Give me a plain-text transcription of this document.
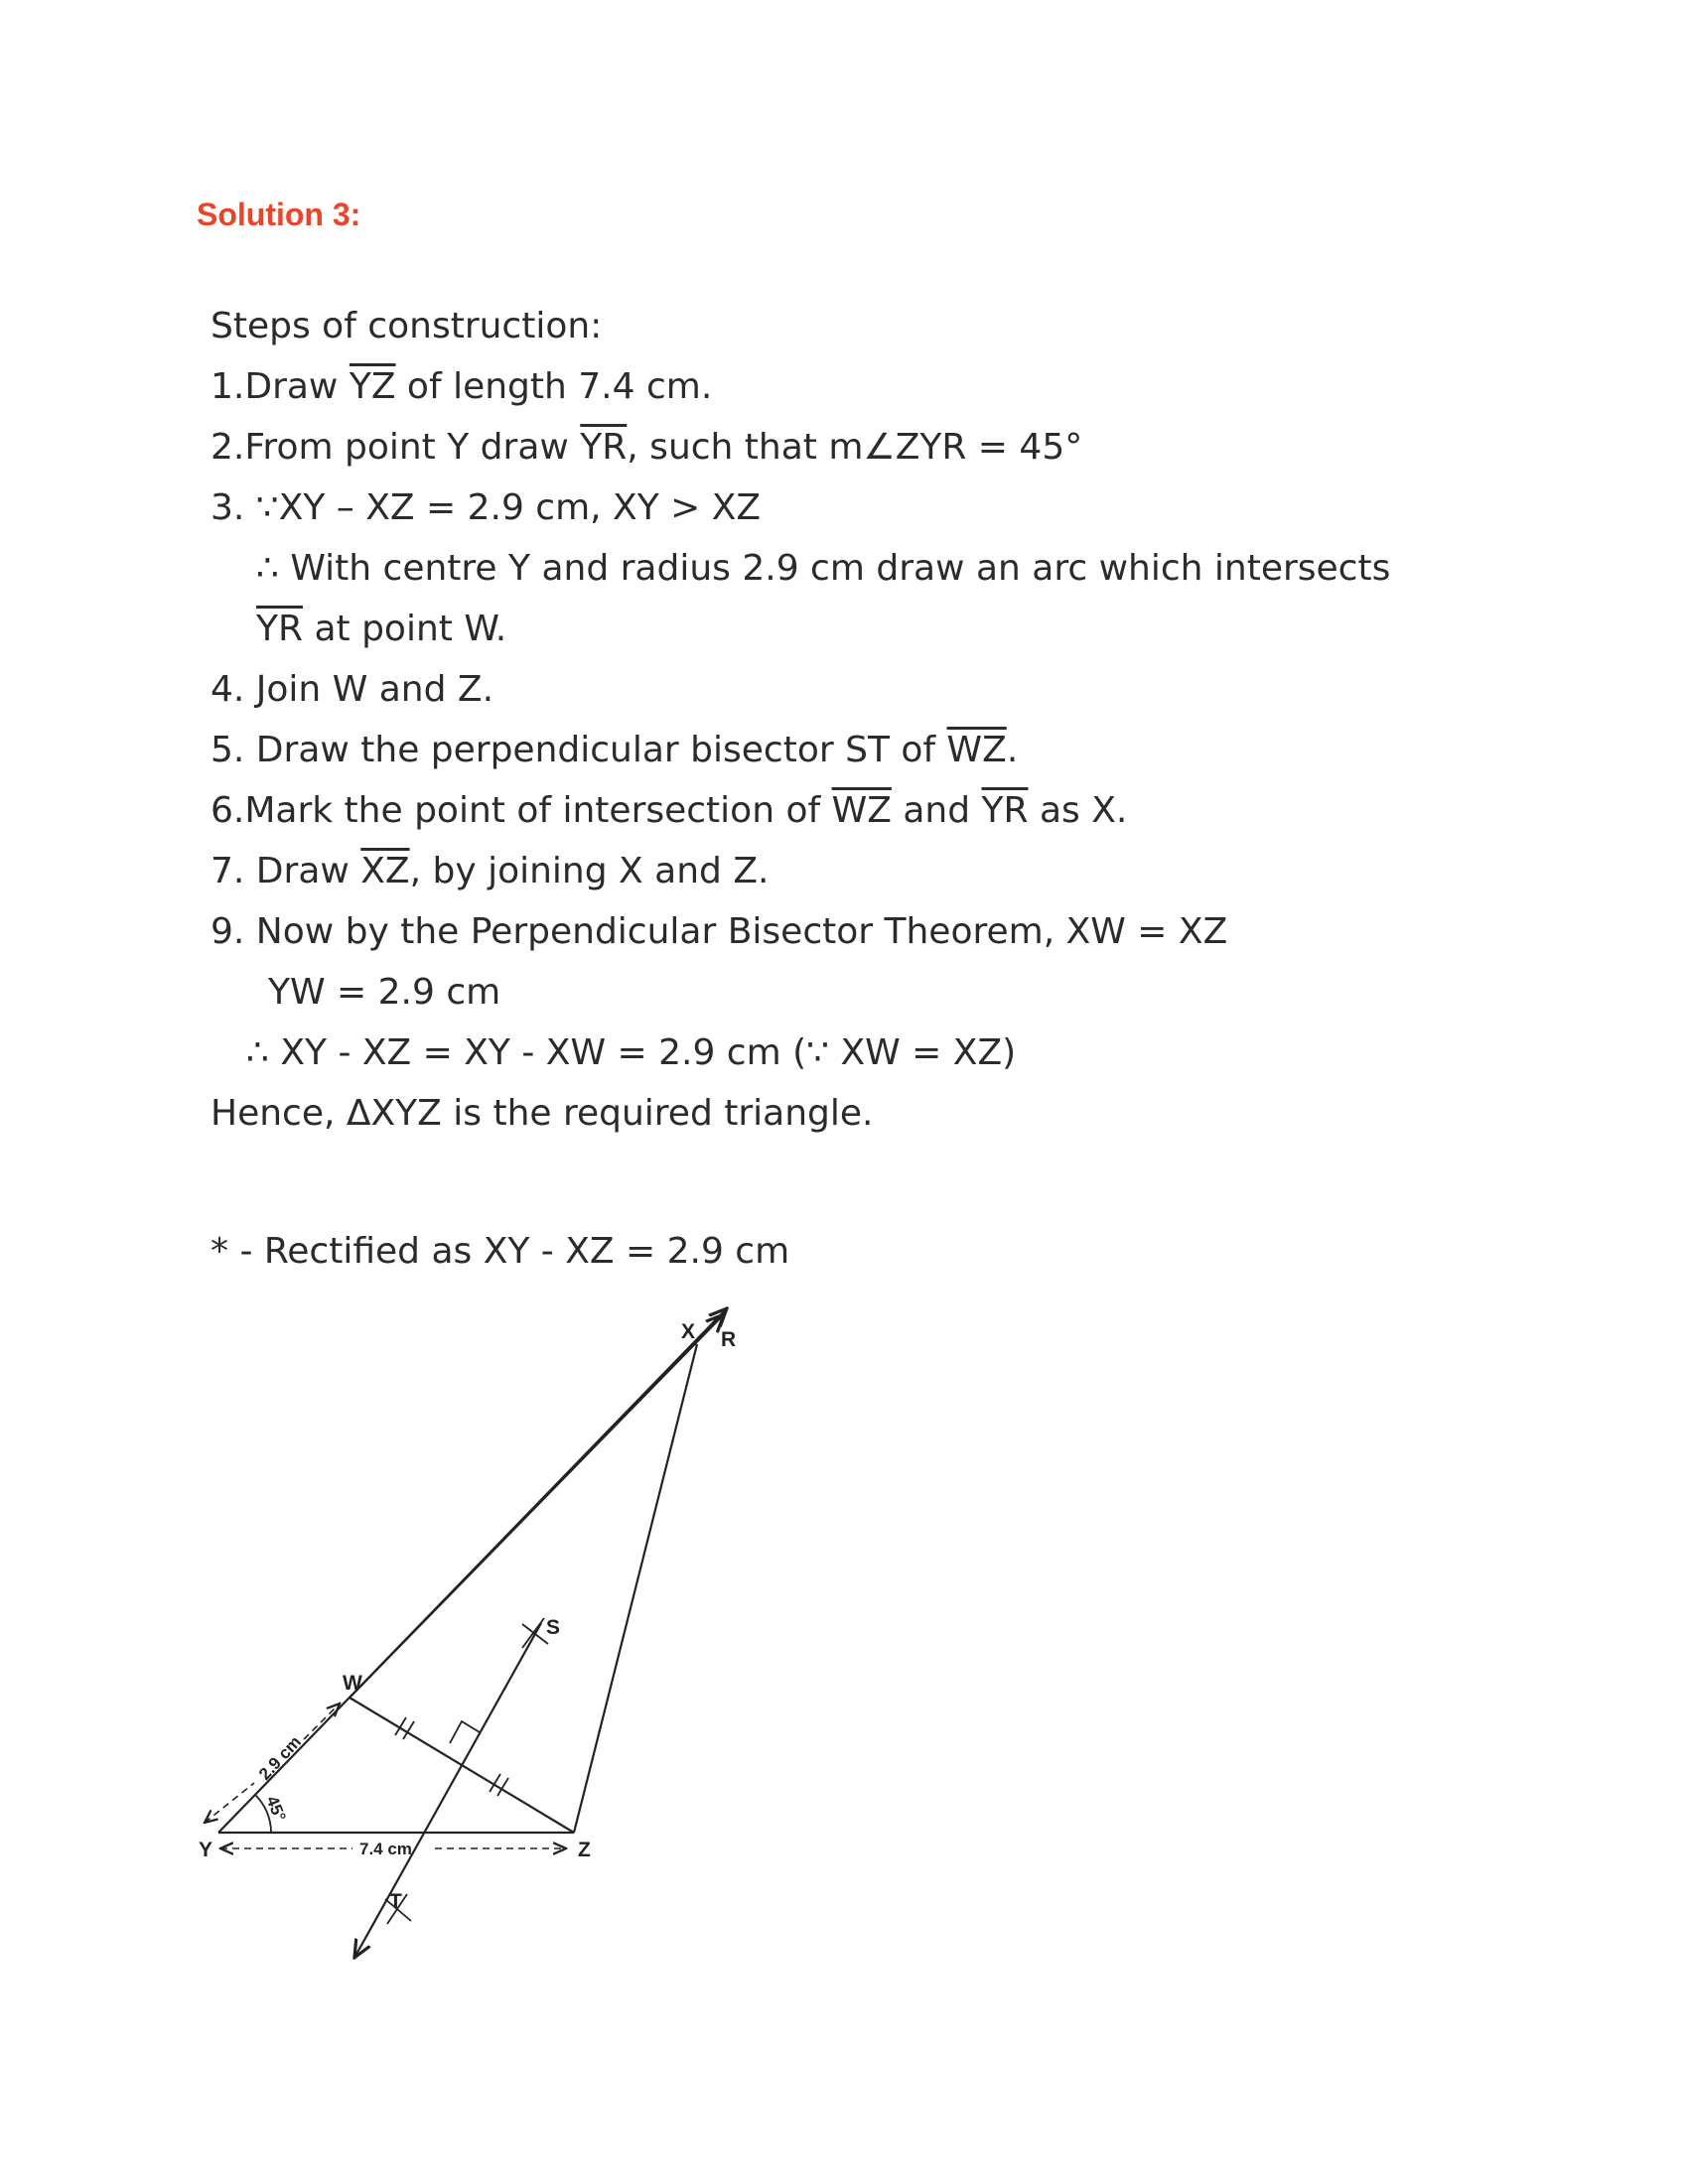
Solution 3:
Steps of construction:
1.Draw $\overline{YZ}$ of length 7.4 cm.
2.From point Y draw $\overline{YR}$, such that m∠ZYR = 45°
3. ∵XY – XZ = 2.9 cm, XY > XZ
∴ With centre Y and radius 2.9 cm draw an arc which intersects
$\overline{YR}$ at point W.
4. Join W and Z.
5. Draw the perpendicular bisector ST of $\overline{WZ}$.
6.Mark the point of intersection of $\overline{WZ}$ and $\overline{YR}$ as X.
7. Draw $\overline{XZ}$, by joining X and Z.
9. Now by the Perpendicular Bisector Theorem, XW = XZ
YW = 2.9 cm
∴ XY - XZ = XY - XW = 2.9 cm (∵ XW = XZ)
Hence, ΔXYZ is the required triangle.
* - Rectified as XY - XZ = 2.9 cm
X R
S
W
Y	Z
T
7.4 cm
2.9 cm
45°
